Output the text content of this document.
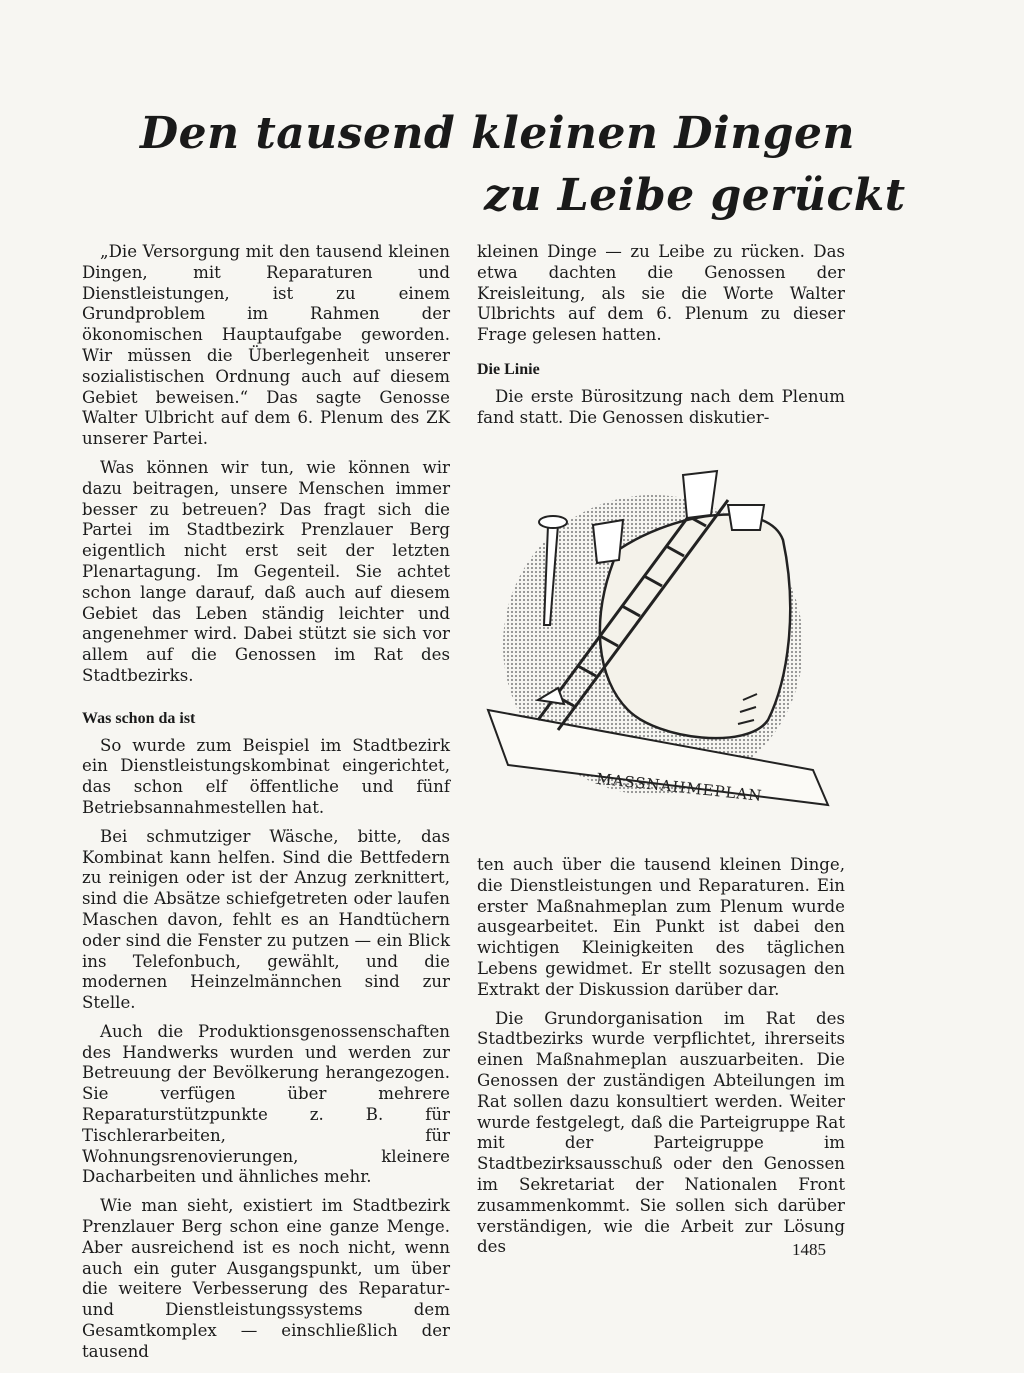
Den tausend kleinen Dingen
zu Leibe gerückt

„Die Versorgung mit den tausend kleinen Dingen, mit Reparaturen und Dienstleistungen, ist zu einem Grundproblem im Rahmen der ökonomischen Hauptaufgabe geworden. Wir müssen die Überlegenheit unserer sozialistischen Ordnung auch auf diesem Gebiet beweisen.“ Das sagte Genosse Walter Ulbricht auf dem 6. Plenum des ZK unserer Partei.

Was können wir tun, wie können wir dazu beitragen, unsere Menschen immer besser zu betreuen? Das fragt sich die Partei im Stadtbezirk Prenzlauer Berg eigentlich nicht erst seit der letzten Plenartagung. Im Gegenteil. Sie achtet schon lange darauf, daß auch auf diesem Gebiet das Leben ständig leichter und angenehmer wird. Dabei stützt sie sich vor allem auf die Genossen im Rat des Stadtbezirks.

Was schon da ist

So wurde zum Beispiel im Stadtbezirk ein Dienstleistungskombinat eingerichtet, das schon elf öffentliche und fünf Betriebsannahmestellen hat.

Bei schmutziger Wäsche, bitte, das Kombinat kann helfen. Sind die Bettfedern zu reinigen oder ist der Anzug zerknittert, sind die Absätze schiefgetreten oder laufen Maschen davon, fehlt es an Handtüchern oder sind die Fenster zu putzen — ein Blick ins Telefonbuch, gewählt, und die modernen Heinzelmännchen sind zur Stelle.

Auch die Produktionsgenossenschaften des Handwerks wurden und werden zur Betreuung der Bevölkerung herangezogen. Sie verfügen über mehrere Reparaturstützpunkte z. B. für Tischlerarbeiten, für Wohnungsrenovierungen, kleinere Dacharbeiten und ähnliches mehr.

Wie man sieht, existiert im Stadtbezirk Prenzlauer Berg schon eine ganze Menge. Aber ausreichend ist es noch nicht, wenn auch ein guter Ausgangspunkt, um über die weitere Verbesserung des Reparatur- und Dienstleistungssystems dem Gesamtkomplex — einschließlich der tausend

kleinen Dinge — zu Leibe zu rücken. Das etwa dachten die Genossen der Kreisleitung, als sie die Worte Walter Ulbrichts auf dem 6. Plenum zu dieser Frage gelesen hatten.

Die Linie

Die erste Bürositzung nach dem Plenum fand statt. Die Genossen diskutier-

MASSNAHMEPLAN

ten auch über die tausend kleinen Dinge, die Dienstleistungen und Reparaturen. Ein erster Maßnahmeplan zum Plenum wurde ausgearbeitet. Ein Punkt ist dabei den wichtigen Kleinigkeiten des täglichen Lebens gewidmet. Er stellt sozusagen den Extrakt der Diskussion darüber dar.

Die Grundorganisation im Rat des Stadtbezirks wurde verpflichtet, ihrerseits einen Maßnahmeplan auszuarbeiten. Die Genossen der zuständigen Abteilungen im Rat sollen dazu konsultiert werden. Weiter wurde festgelegt, daß die Parteigruppe Rat mit der Parteigruppe im Stadtbezirksausschuß oder den Genossen im Sekretariat der Nationalen Front zusammenkommt. Sie sollen sich darüber verständigen, wie die Arbeit zur Lösung des	1485
